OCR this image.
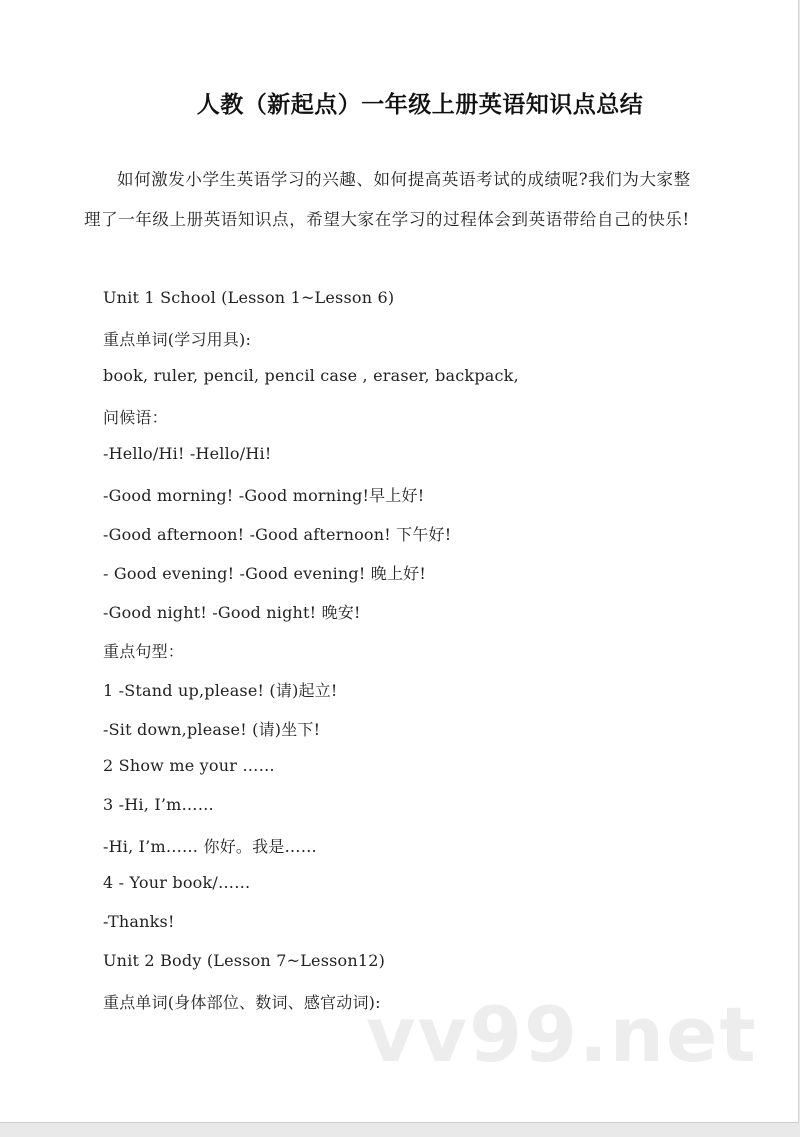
人教（新起点）一年级上册英语知识点总结
如何激发小学生英语学习的兴趣、如何提高英语考试的成绩呢?我们为大家整理了一年级上册英语知识点，希望大家在学习的过程体会到英语带给自己的快乐!
Unit 1 School (Lesson 1~Lesson 6)
重点单词(学习用具):
book, ruler, pencil, pencil case , eraser, backpack,
问候语：
-Hello/Hi! -Hello/Hi!
-Good morning! -Good morning!早上好!
-Good afternoon! -Good afternoon! 下午好!
- Good evening! -Good evening! 晚上好!
-Good night! -Good night! 晚安!
重点句型：
1 -Stand up,please! (请)起立!
-Sit down,please! (请)坐下!
2 Show me your ……
3 -Hi, I’m……
-Hi, I’m…… 你好。我是……
4 - Your book/……
-Thanks!
Unit 2 Body (Lesson 7~Lesson12)
重点单词(身体部位、数词、感官动词):
vv99.net
